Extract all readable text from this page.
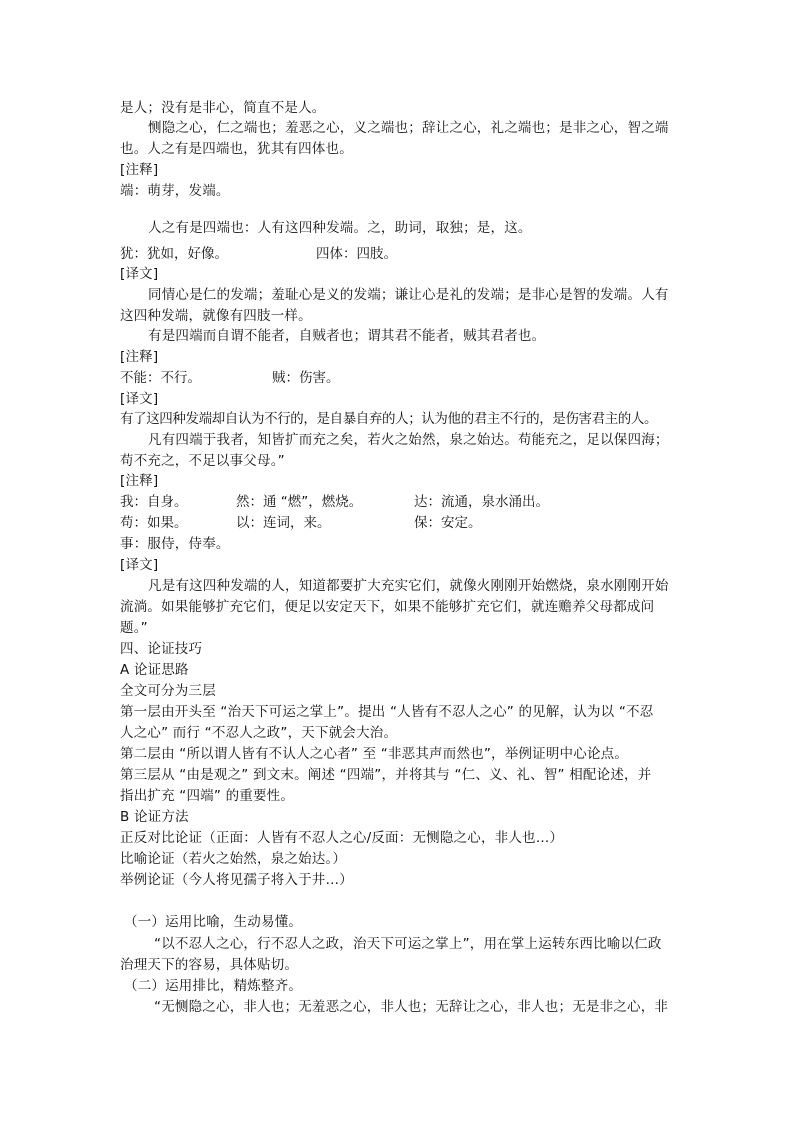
是人；没有是非心，简直不是人。
恻隐之心，仁之端也；羞恶之心，义之端也；辞让之心，礼之端也；是非之心，智之端
也。人之有是四端也，犹其有四体也。
[注释]
端：萌芽，发端。
人之有是四端也：人有这四种发端。之，助词，取独；是，这。
犹：犹如，好像。	四体：四肢。
[译文]
同情心是仁的发端；羞耻心是义的发端；谦让心是礼的发端；是非心是智的发端。人有
这四种发端，就像有四肢一样。
有是四端而自谓不能者，自贼者也；谓其君不能者，贼其君者也。
[注释]
不能：不行。	贼：伤害。
[译文]
有了这四种发端却自认为不行的，是自暴自弃的人；认为他的君主不行的，是伤害君主的人。
凡有四端于我者，知皆扩而充之矣，若火之始然，泉之始达。苟能充之，足以保四海；
苟不充之，不足以事父母。”
[注释]
我：自身。	然：通 “燃”，燃烧。	达：流通，泉水涌出。
苟：如果。	以：连词，来。	保：安定。
事：服侍，侍奉。
[译文]
凡是有这四种发端的人，知道都要扩大充实它们，就像火刚刚开始燃烧，泉水刚刚开始
流淌。如果能够扩充它们，便足以安定天下，如果不能够扩充它们，就连赡养父母都成问
题。”
四、论证技巧
A 论证思路
全文可分为三层
第一层由开头至 “治天下可运之掌上”。提出 “人皆有不忍人之心” 的见解，认为以 “不忍
人之心” 而行 “不忍人之政”，天下就会大治。
第二层由 “所以谓人皆有不认人之心者” 至 “非恶其声而然也”，举例证明中心论点。
第三层从 “由是观之” 到文末。阐述 “四端”，并将其与 “仁、义、礼、智” 相配论述，并
指出扩充 “四端” 的重要性。
B 论证方法
正反对比论证（正面：人皆有不忍人之心/反面：无恻隐之心，非人也…）
比喻论证（若火之始然，泉之始达。）
举例论证（今人将见孺子将入于井…）
（一）运用比喻，生动易懂。
“以不忍人之心，行不忍人之政，治天下可运之掌上”，用在掌上运转东西比喻以仁政
治理天下的容易，具体贴切。
（二）运用排比，精炼整齐。
“无恻隐之心，非人也；无羞恶之心，非人也；无辞让之心，非人也；无是非之心，非
